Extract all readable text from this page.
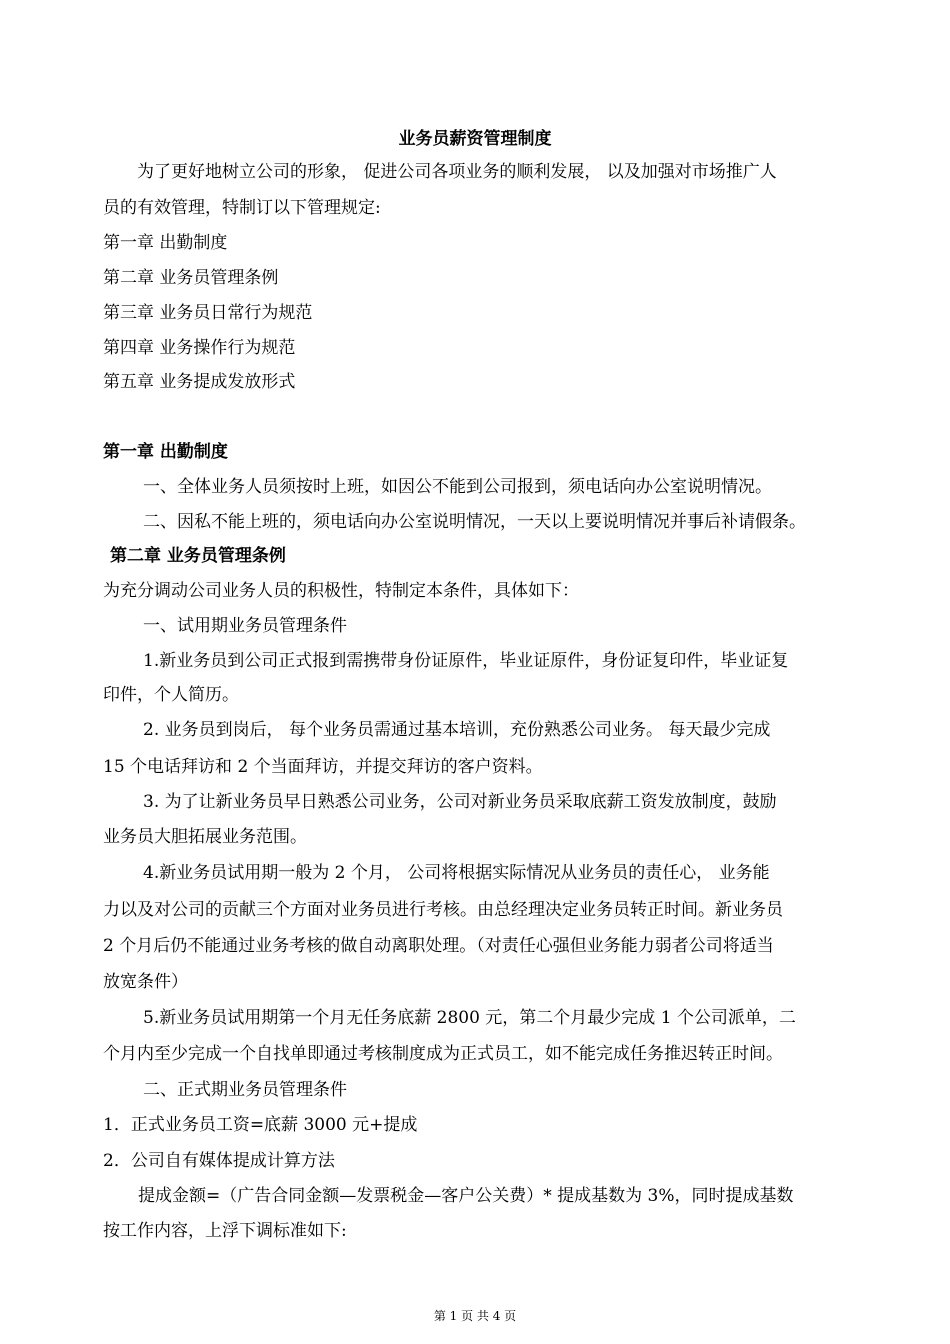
业务员薪资管理制度
为了更好地树立公司的形象， 促进公司各项业务的顺利发展， 以及加强对市场推广人
员的有效管理，特制订以下管理规定:
第一章 出勤制度
第二章 业务员管理条例
第三章 业务员日常行为规范
第四章 业务操作行为规范
第五章 业务提成发放形式
第一章 出勤制度
一、全体业务人员须按时上班，如因公不能到公司报到，须电话向办公室说明情况。
二、因私不能上班的，须电话向办公室说明情况，一天以上要说明情况并事后补请假条。
第二章 业务员管理条例
为充分调动公司业务人员的积极性，特制定本条件，具体如下：
一、试用期业务员管理条件
1.新业务员到公司正式报到需携带身份证原件，毕业证原件，身份证复印件，毕业证复
印件，个人简历。
2. 业务员到岗后， 每个业务员需通过基本培训，充份熟悉公司业务。 每天最少完成
15 个电话拜访和 2 个当面拜访，并提交拜访的客户资料。
3. 为了让新业务员早日熟悉公司业务，公司对新业务员采取底薪工资发放制度，鼓励
业务员大胆拓展业务范围。
4.新业务员试用期一般为 2 个月， 公司将根据实际情况从业务员的责任心， 业务能
力以及对公司的贡献三个方面对业务员进行考核。由总经理决定业务员转正时间。新业务员
2 个月后仍不能通过业务考核的做自动离职处理。（对责任心强但业务能力弱者公司将适当
放宽条件）
5.新业务员试用期第一个月无任务底薪 2800 元，第二个月最少完成 1 个公司派单，二
个月内至少完成一个自找单即通过考核制度成为正式员工，如不能完成任务推迟转正时间。
二、正式期业务员管理条件
1．正式业务员工资=底薪 3000 元+提成
2．公司自有媒体提成计算方法
提成金额=（广告合同金额—发票税金—客户公关费）* 提成基数为 3%，同时提成基数
按工作内容，上浮下调标准如下:
第 1 页 共 4 页
